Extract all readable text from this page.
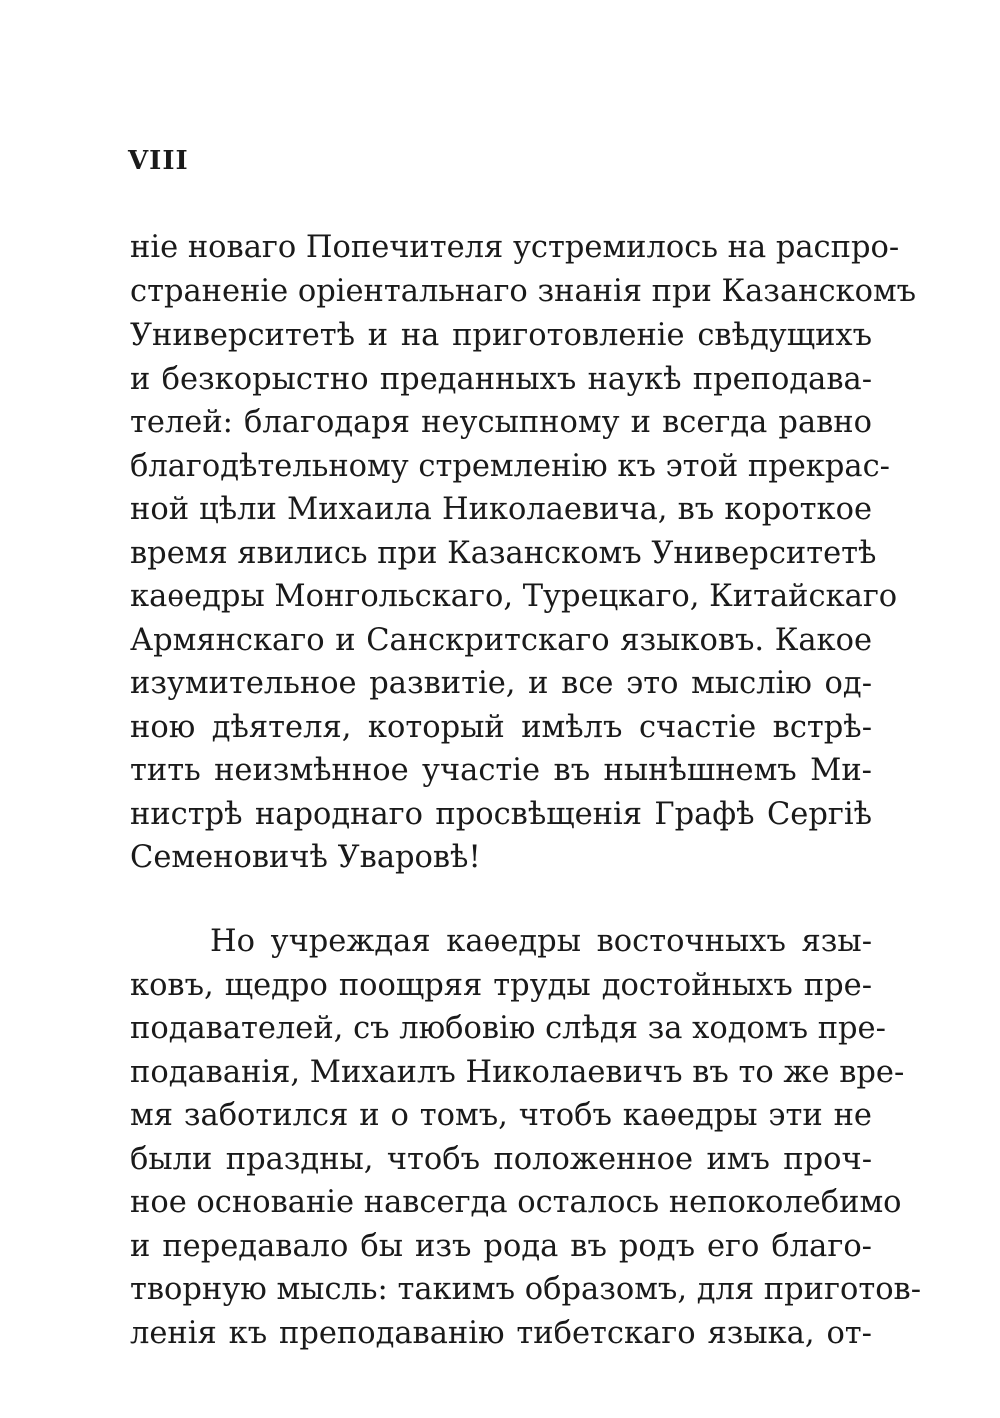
VIII
ніе новаго Попечителя устремилось на распро-
страненіе оріентальнаго знанія при Казанскомъ
Университетѣ и на приготовленіе свѣдущихъ
и безкорыстно преданныхъ наукѣ преподава-
телей: благодаря неусыпному и всегда равно
благодѣтельному стремленію къ этой прекрас-
ной цѣли Михаила Николаевича, въ короткое
время явились при Казанскомъ Университетѣ
каѳедры Монгольскаго, Турецкаго, Китайскаго
Армянскаго и Санскритскаго языковъ. Какое
изумительное развитіе, и все это мыслію од-
ною дѣятеля, который имѣлъ счастіе встрѣ-
тить неизмѣнное участіе въ нынѣшнемъ Ми-
нистрѣ народнаго просвѣщенія Графѣ Сергіѣ
Семеновичѣ Уваровѣ!
Но учреждая каѳедры восточныхъ язы-
ковъ, щедро поощряя труды достойныхъ пре-
подавателей, съ любовію слѣдя за ходомъ пре-
подаванія, Михаилъ Николаевичъ въ то же вре-
мя заботился и о томъ, чтобъ каѳедры эти не
были праздны, чтобъ положенное имъ проч-
ное основаніе навсегда осталось непоколебимо
и передавало бы изъ рода въ родъ его благо-
творную мысль: такимъ образомъ, для приготов-
ленія къ преподаванію тибетскаго языка, от-
